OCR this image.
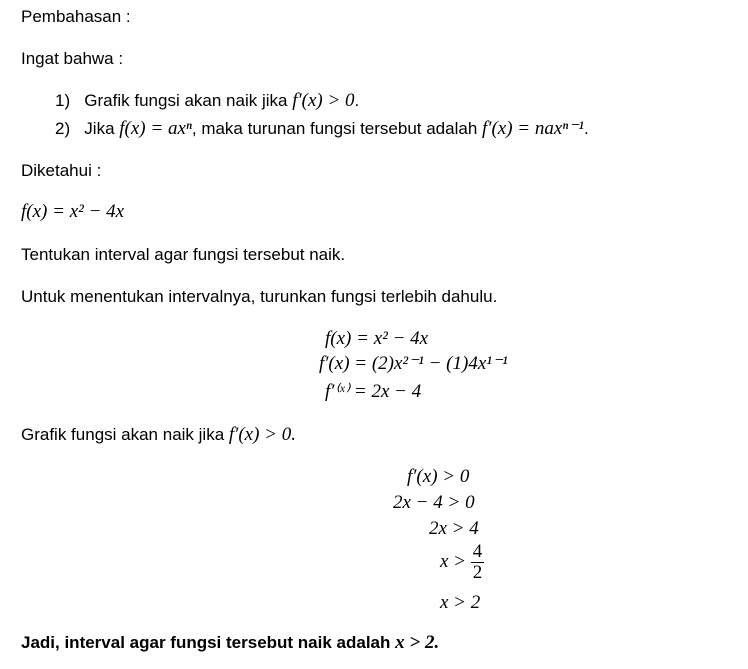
Pembahasan :
Ingat bahwa :
1) Grafik fungsi akan naik jika f′(x) > 0.
2) Jika f(x) = axⁿ, maka turunan fungsi tersebut adalah f′(x) = naxⁿ⁻¹.
Diketahui :
f(x) = x² − 4x
Tentukan interval agar fungsi tersebut naik.
Untuk menentukan intervalnya, turunkan fungsi terlebih dahulu.
f(x) = x² − 4x
f′(x) = (2)x²⁻¹ − (1)4x¹⁻¹
f′⁽ˣ⁾ = 2x − 4
Grafik fungsi akan naik jika f′(x) > 0.
f′(x) > 0
2x − 4 > 0
2x > 4
$x > \frac{4}{2}$
x > 2
Jadi, interval agar fungsi tersebut naik adalah x > 2.
